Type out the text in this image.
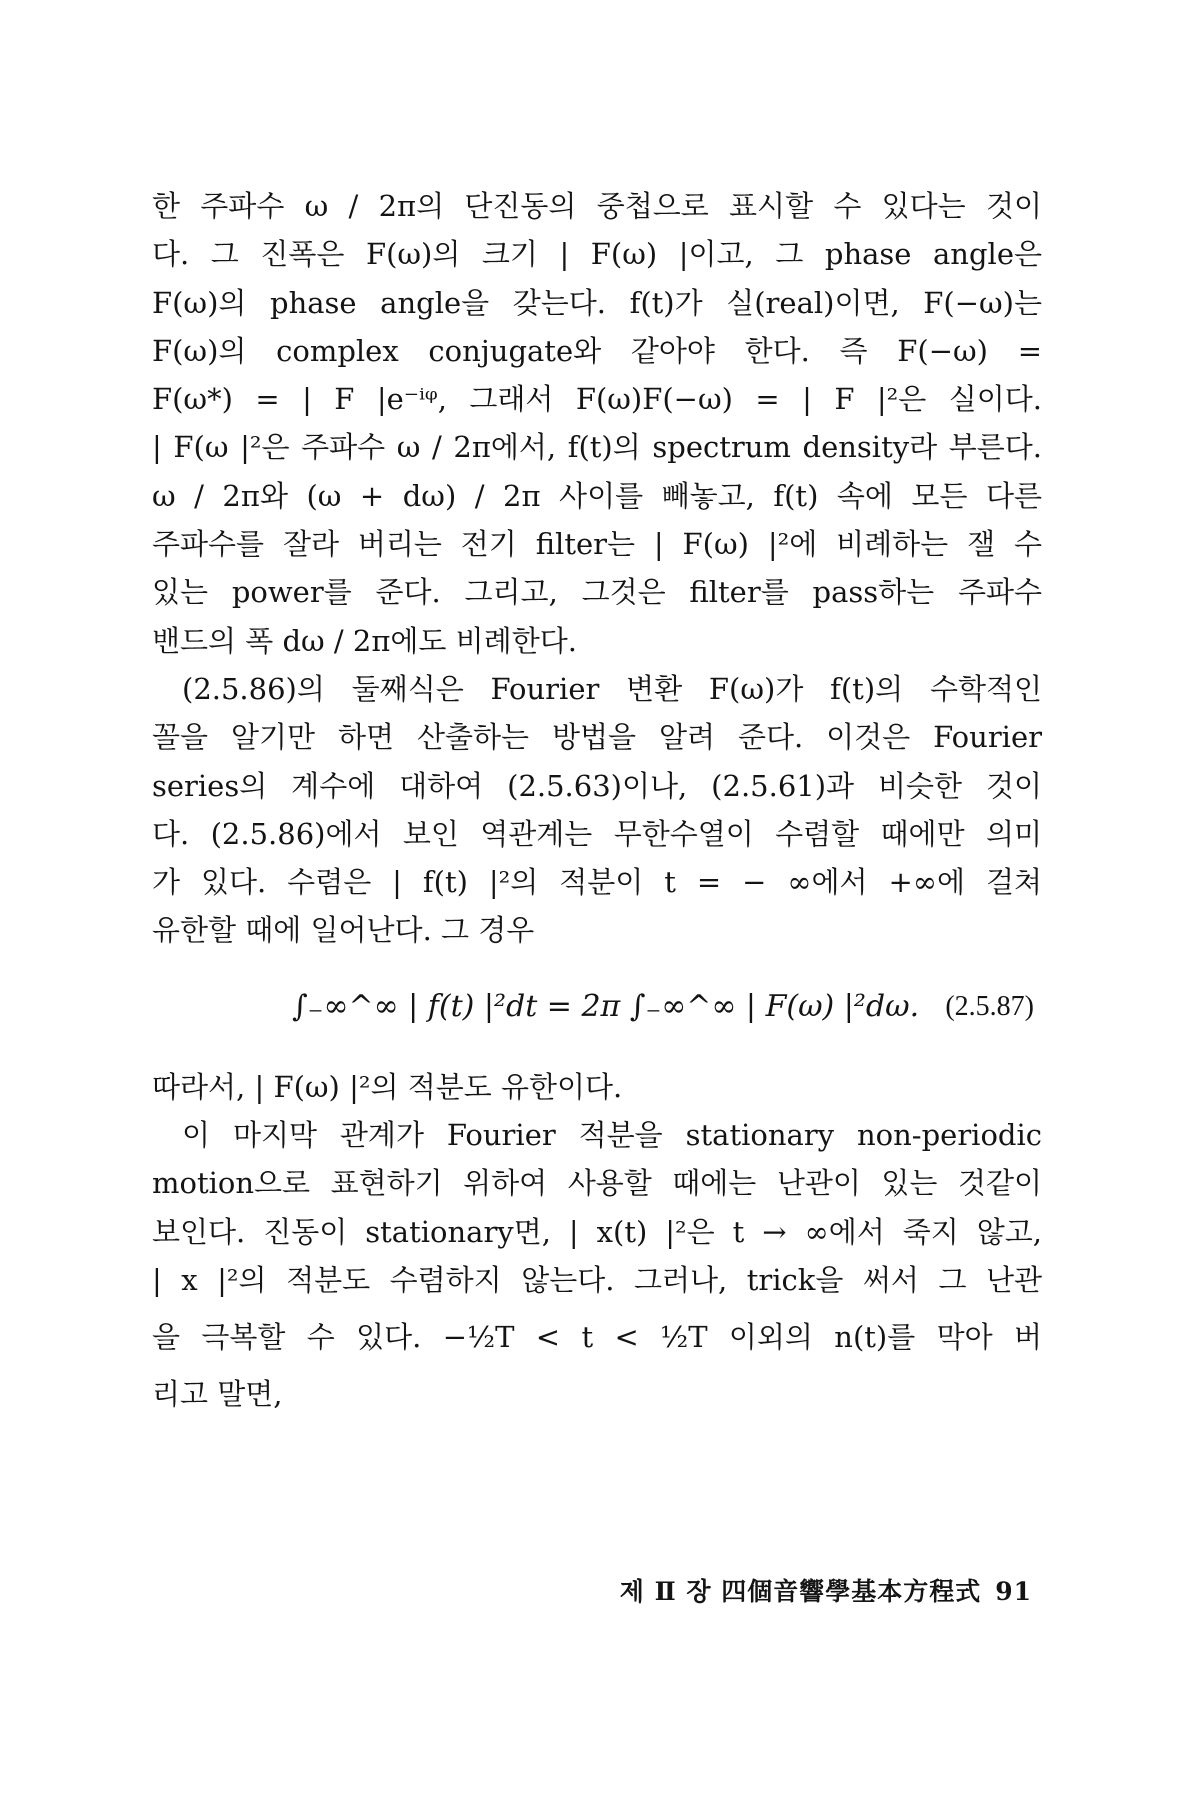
한 주파수 ω / 2π의 단진동의 중첩으로 표시할 수 있다는 것이
다. 그 진폭은 F(ω)의 크기 | F(ω) |이고, 그 phase angle은
F(ω)의 phase angle을 갖는다. f(t)가 실(real)이면, F(−ω)는
F(ω)의 complex conjugate와 같아야 한다. 즉 F(−ω) =
F(ω*) = | F |e⁻ⁱᵠ, 그래서 F(ω)F(−ω) = | F |²은 실이다.
| F(ω |²은 주파수 ω / 2π에서, f(t)의 spectrum density라 부른다.
ω / 2π와 (ω + dω) / 2π 사이를 빼놓고, f(t) 속에 모든 다른
주파수를 잘라 버리는 전기 filter는 | F(ω) |²에 비례하는 잴 수
있는 power를 준다. 그리고, 그것은 filter를 pass하는 주파수
밴드의 폭 dω / 2π에도 비례한다.
(2.5.86)의 둘째식은 Fourier 변환 F(ω)가 f(t)의 수학적인
꼴을 알기만 하면 산출하는 방법을 알려 준다. 이것은 Fourier
series의 계수에 대하여 (2.5.63)이나, (2.5.61)과 비슷한 것이
다. (2.5.86)에서 보인 역관계는 무한수열이 수렴할 때에만 의미
가 있다. 수렴은 | f(t) |²의 적분이 t = − ∞에서 +∞에 걸쳐
유한할 때에 일어난다. 그 경우
∫₋∞^∞ | f(t) |²dt = 2π ∫₋∞^∞ | F(ω) |²dω. (2.5.87)
따라서, | F(ω) |²의 적분도 유한이다.
이 마지막 관계가 Fourier 적분을 stationary non-periodic
motion으로 표현하기 위하여 사용할 때에는 난관이 있는 것같이
보인다. 진동이 stationary면, | x(t) |²은 t → ∞에서 죽지 않고,
| x |²의 적분도 수렴하지 않는다. 그러나, trick을 써서 그 난관
을 극복할 수 있다. −½T < t < ½T 이외의 n(t)를 막아 버
리고 말면,
제 Ⅱ 장 四個音響學基本方程式 91
